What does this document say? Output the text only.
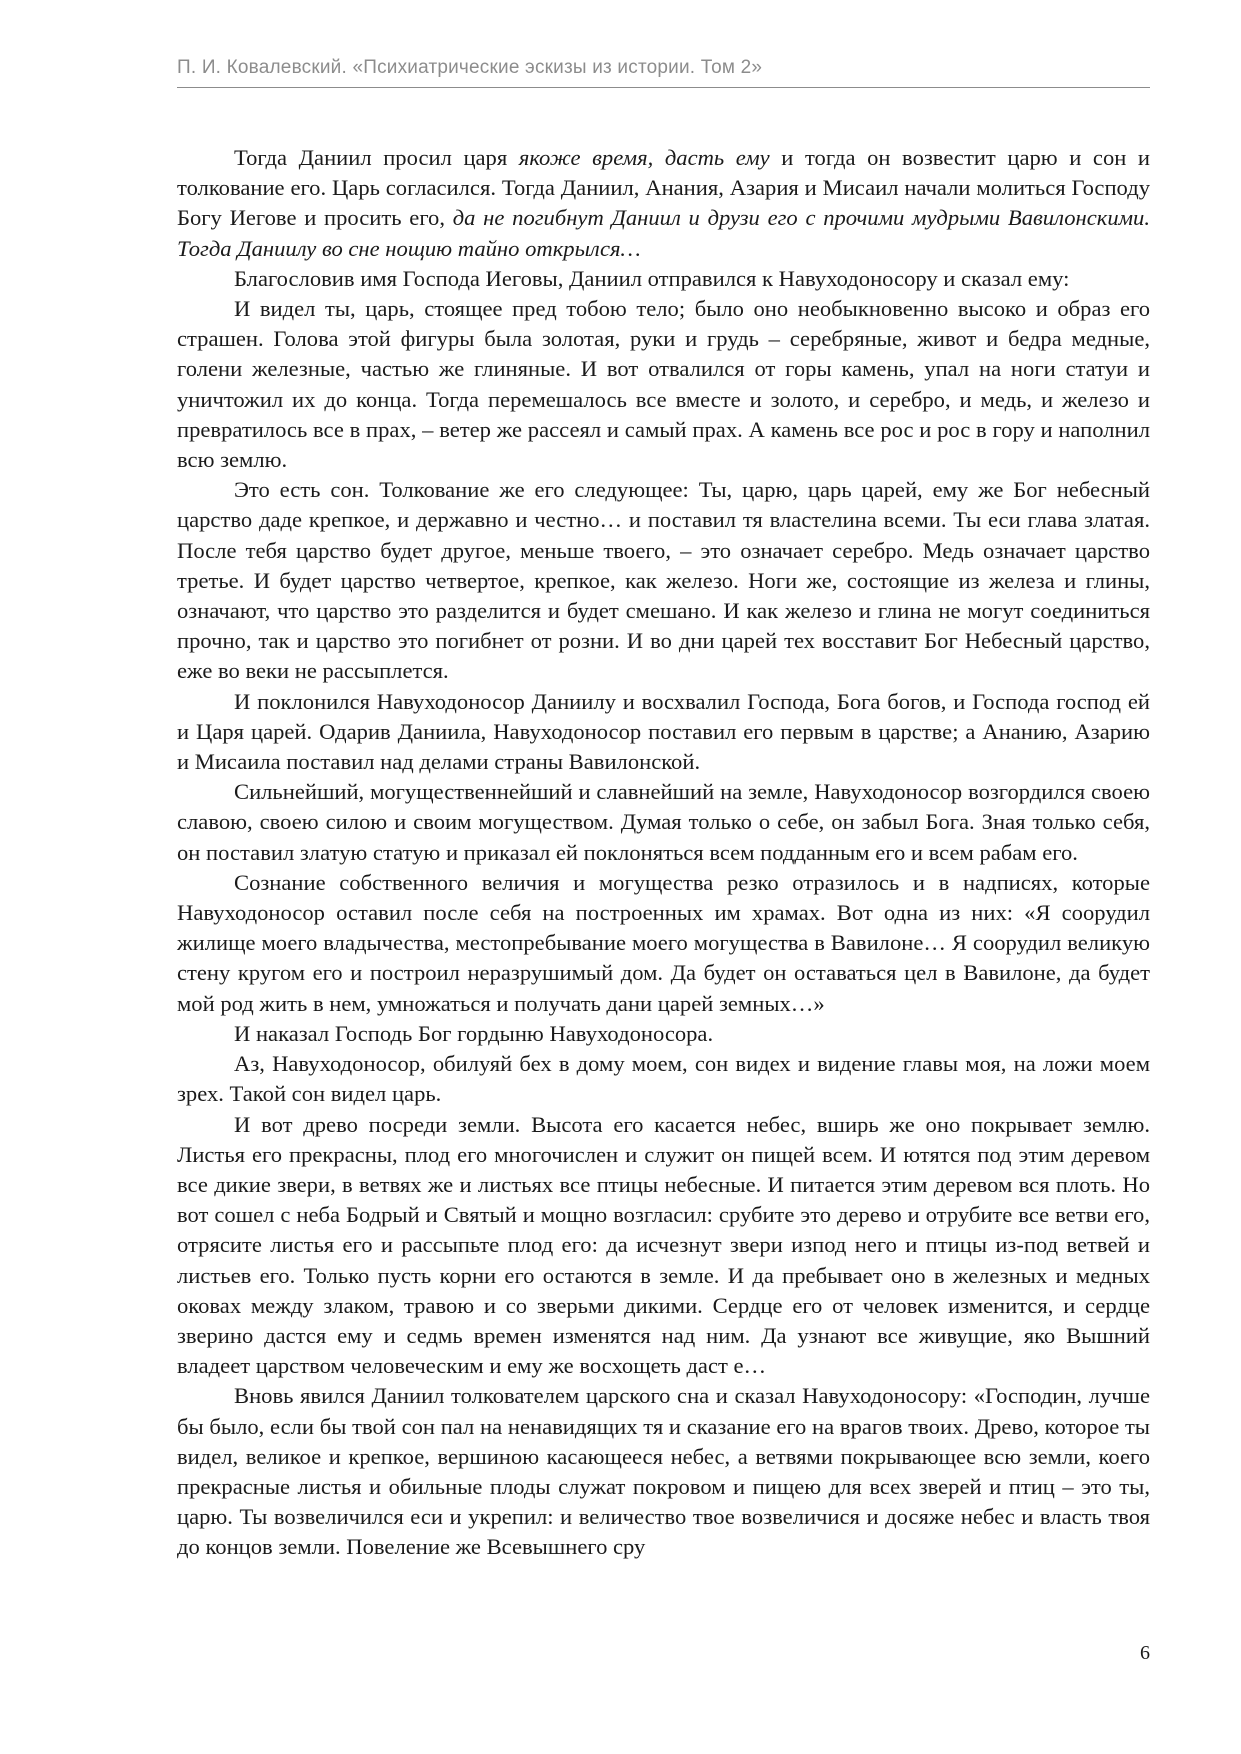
П. И. Ковалевский. «Психиатрические эскизы из истории. Том 2»

Тогда Даниил просил царя якоже время, дасть ему и тогда он возвестит царю и сон и толкование его. Царь согласился. Тогда Даниил, Анания, Азария и Мисаил начали молиться Господу Богу Иегове и просить его, да не погибнут Даниил и друзи его с прочими мудрыми Вавилонскими. Тогда Даниилу во сне нощию тайно открылся…

Благословив имя Господа Иеговы, Даниил отправился к Навуходоносору и сказал ему:

И видел ты, царь, стоящее пред тобою тело; было оно необыкновенно высоко и образ его страшен. Голова этой фигуры была золотая, руки и грудь – серебряные, живот и бедра медные, голени железные, частью же глиняные. И вот отвалился от горы камень, упал на ноги статуи и уничтожил их до конца. Тогда перемешалось все вместе и золото, и серебро, и медь, и железо и превратилось все в прах, – ветер же рассеял и самый прах. А камень все рос и рос в гору и наполнил всю землю.

Это есть сон. Толкование же его следующее: Ты, царю, царь царей, ему же Бог небесный царство даде крепкое, и державно и честно… и поставил тя властелина всеми. Ты еси глава златая. После тебя царство будет другое, меньше твоего, – это означает серебро. Медь означает царство третье. И будет царство четвертое, крепкое, как железо. Ноги же, состоящие из железа и глины, означают, что царство это разделится и будет смешано. И как железо и глина не могут соединиться прочно, так и царство это погибнет от розни. И во дни царей тех восставит Бог Небесный царство, еже во веки не рассыплется.

И поклонился Навуходоносор Даниилу и восхвалил Господа, Бога богов, и Господа господ ей и Царя царей. Одарив Даниила, Навуходоносор поставил его первым в царстве; а Ананию, Азарию и Мисаила поставил над делами страны Вавилонской.

Сильнейший, могущественнейший и славнейший на земле, Навуходоносор возгордился своею славою, своею силою и своим могуществом. Думая только о себе, он забыл Бога. Зная только себя, он поставил златую статую и приказал ей поклоняться всем подданным его и всем рабам его.

Сознание собственного величия и могущества резко отразилось и в надписях, которые Навуходоносор оставил после себя на построенных им храмах. Вот одна из них: «Я соорудил жилище моего владычества, местопребывание моего могущества в Вавилоне… Я соорудил великую стену кругом его и построил неразрушимый дом. Да будет он оставаться цел в Вавилоне, да будет мой род жить в нем, умножаться и получать дани царей земных…»

И наказал Господь Бог гордыню Навуходоносора.

Аз, Навуходоносор, обилуяй бех в дому моем, сон видех и видение главы моя, на ложи моем зрех. Такой сон видел царь.

И вот древо посреди земли. Высота его касается небес, вширь же оно покрывает землю. Листья его прекрасны, плод его многочислен и служит он пищей всем. И ютятся под этим деревом все дикие звери, в ветвях же и листьях все птицы небесные. И питается этим деревом вся плоть. Но вот сошел с неба Бодрый и Святый и мощно возгласил: срубите это дерево и отрубите все ветви его, отрясите листья его и рассыпьте плод его: да исчезнут звери изпод него и птицы из-под ветвей и листьев его. Только пусть корни его остаются в земле. И да пребывает оно в железных и медных оковах между злаком, травою и со зверьми дикими. Сердце его от человек изменится, и сердце зверино дастся ему и седмь времен изменятся над ним. Да узнают все живущие, яко Вышний владеет царством человеческим и ему же восхощеть даст е…

Вновь явился Даниил толкователем царского сна и сказал Навуходоносору: «Господин, лучше бы было, если бы твой сон пал на ненавидящих тя и сказание его на врагов твоих. Древо, которое ты видел, великое и крепкое, вершиною касающееся небес, а ветвями покрывающее всю земли, коего прекрасные листья и обильные плоды служат покровом и пищею для всех зверей и птиц – это ты, царю. Ты возвеличился еси и укрепил: и величество твое возвеличися и досяже небес и власть твоя до концов земли. Повеление же Всевышнего сру

6
